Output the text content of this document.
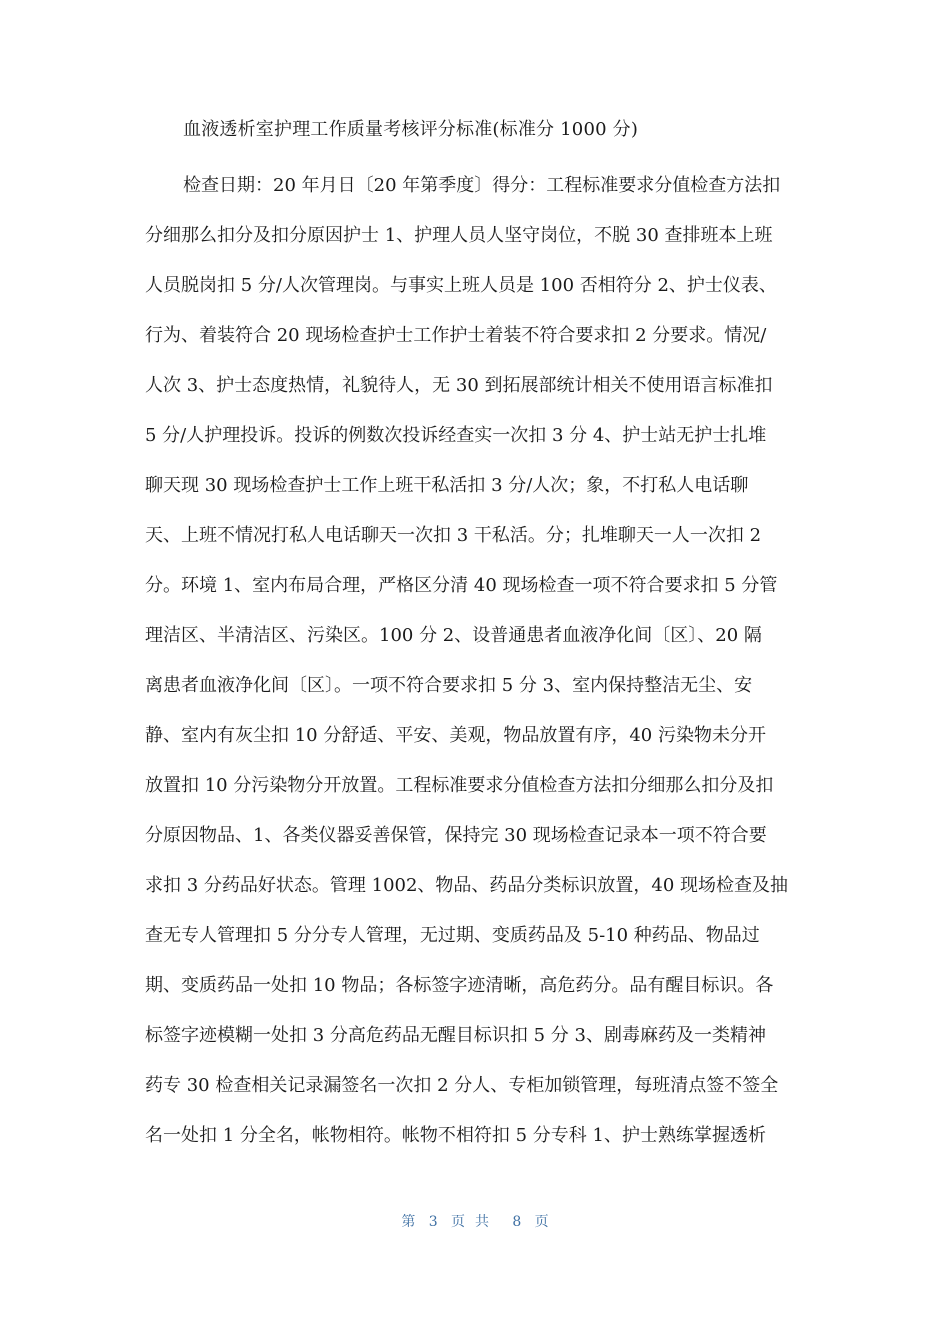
血液透析室护理工作质量考核评分标准(标准分 1000 分)
检查日期：20 年月日〔20 年第季度〕得分：工程标准要求分值检查方法扣
分细那么扣分及扣分原因护士 1、护理人员人坚守岗位，不脱 30 查排班本上班
人员脱岗扣 5 分/人次管理岗。与事实上班人员是 100 否相符分 2、护士仪表、
行为、着装符合 20 现场检查护士工作护士着装不符合要求扣 2 分要求。情况/
人次 3、护士态度热情，礼貌待人，无 30 到拓展部统计相关不使用语言标准扣
5 分/人护理投诉。投诉的例数次投诉经查实一次扣 3 分 4、护士站无护士扎堆
聊天现 30 现场检查护士工作上班干私活扣 3 分/人次；象，不打私人电话聊
天、上班不情况打私人电话聊天一次扣 3 干私活。分；扎堆聊天一人一次扣 2
分。环境 1、室内布局合理，严格区分清 40 现场检查一项不符合要求扣 5 分管
理洁区、半清洁区、污染区。100 分 2、设普通患者血液净化间〔区〕、20 隔
离患者血液净化间〔区〕。一项不符合要求扣 5 分 3、室内保持整洁无尘、安
静、室内有灰尘扣 10 分舒适、平安、美观，物品放置有序，40 污染物未分开
放置扣 10 分污染物分开放置。工程标准要求分值检查方法扣分细那么扣分及扣
分原因物品、1、各类仪器妥善保管，保持完 30 现场检查记录本一项不符合要
求扣 3 分药品好状态。管理 1002、物品、药品分类标识放置，40 现场检查及抽
查无专人管理扣 5 分分专人管理，无过期、变质药品及 5-10 种药品、物品过
期、变质药品一处扣 10 物品；各标签字迹清晰，高危药分。品有醒目标识。各
标签字迹模糊一处扣 3 分高危药品无醒目标识扣 5 分 3、剧毒麻药及一类精神
药专 30 检查相关记录漏签名一次扣 2 分人、专柜加锁管理，每班清点签不签全
名一处扣 1 分全名，帐物相符。帐物不相符扣 5 分专科 1、护士熟练掌握透析
第 3 页共 8 页
